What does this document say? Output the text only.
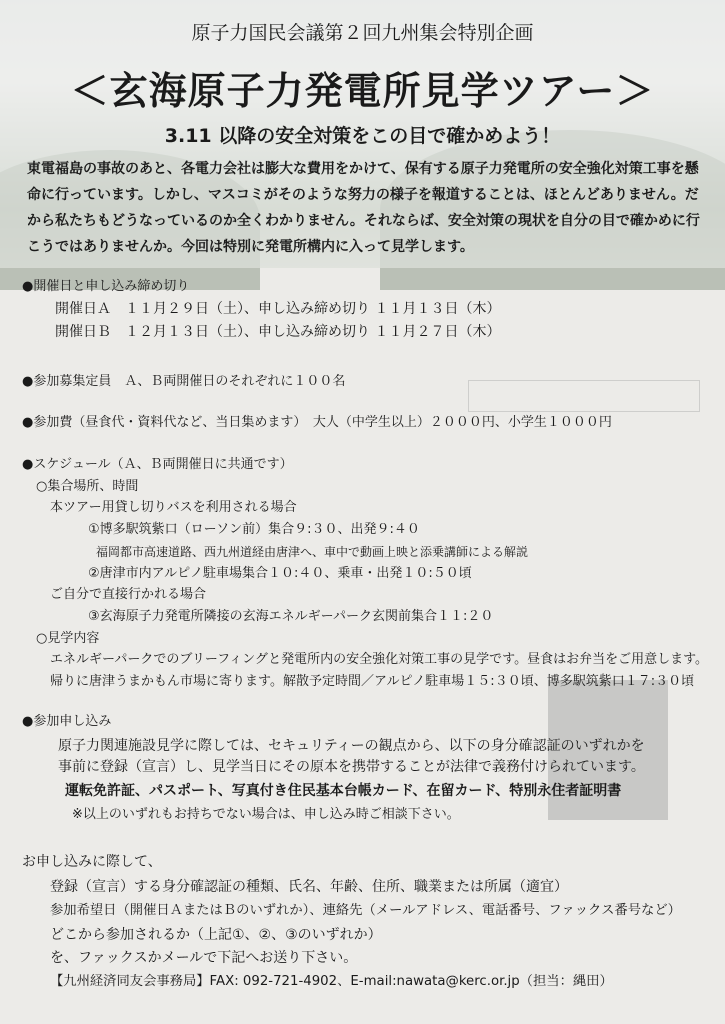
原子力国民会議第２回九州集会特別企画
＜玄海原子力発電所見学ツアー＞
3.11 以降の安全対策をこの目で確かめよう！
東電福島の事故のあと、各電力会社は膨大な費用をかけて、保有する原子力発電所の安全強化対策工事を懸命に行っています。しかし、マスコミがそのような努力の様子を報道することは、ほとんどありません。だから私たちもどうなっているのか全くわかりません。それならば、安全対策の現状を自分の目で確かめに行こうではありませんか。今回は特別に発電所構内に入って見学します。
●開催日と申し込み締め切り
開催日Ａ　１１月２９日（土）、申し込み締め切り １１月１３日（木）
開催日Ｂ　１２月１３日（土）、申し込み締め切り １１月２７日（木）
●参加募集定員　Ａ、Ｂ両開催日のそれぞれに１００名
●参加費（昼食代・資料代など、当日集めます）　大人（中学生以上）２０００円、小学生１０００円
●スケジュール（Ａ、Ｂ両開催日に共通です）
○集合場所、時間
本ツアー用貸し切りバスを利用される場合
①博多駅筑紫口（ローソン前）集合９:３０、出発９:４０
福岡都市高速道路、西九州道経由唐津へ、車中で動画上映と添乗講師による解説
②唐津市内アルピノ駐車場集合１０:４０、乗車・出発１０:５０頃
ご自分で直接行かれる場合
③玄海原子力発電所隣接の玄海エネルギーパーク玄関前集合１１:２０
○見学内容
エネルギーパークでのブリーフィングと発電所内の安全強化対策工事の見学です。昼食はお弁当をご用意します。
帰りに唐津うまかもん市場に寄ります。解散予定時間／アルピノ駐車場１５:３０頃、博多駅筑紫口１７:３０頃
●参加申し込み
原子力関連施設見学に際しては、セキュリティーの観点から、以下の身分確認証のいずれかを
事前に登録（宣言）し、見学当日にその原本を携帯することが法律で義務付けられています。
運転免許証、パスポート、写真付き住民基本台帳カード、在留カード、特別永住者証明書
※以上のいずれもお持ちでない場合は、申し込み時ご相談下さい。
お申し込みに際して、
登録（宣言）する身分確認証の種類、氏名、年齢、住所、職業または所属（適宜）
参加希望日（開催日ＡまたはＢのいずれか）、連絡先（メールアドレス、電話番号、ファックス番号など）
どこから参加されるか（上記①、②、③のいずれか）
を、ファックスかメールで下記へお送り下さい。
【九州経済同友会事務局】FAX: 092-721-4902、E-mail:nawata@kerc.or.jp（担当：縄田）
